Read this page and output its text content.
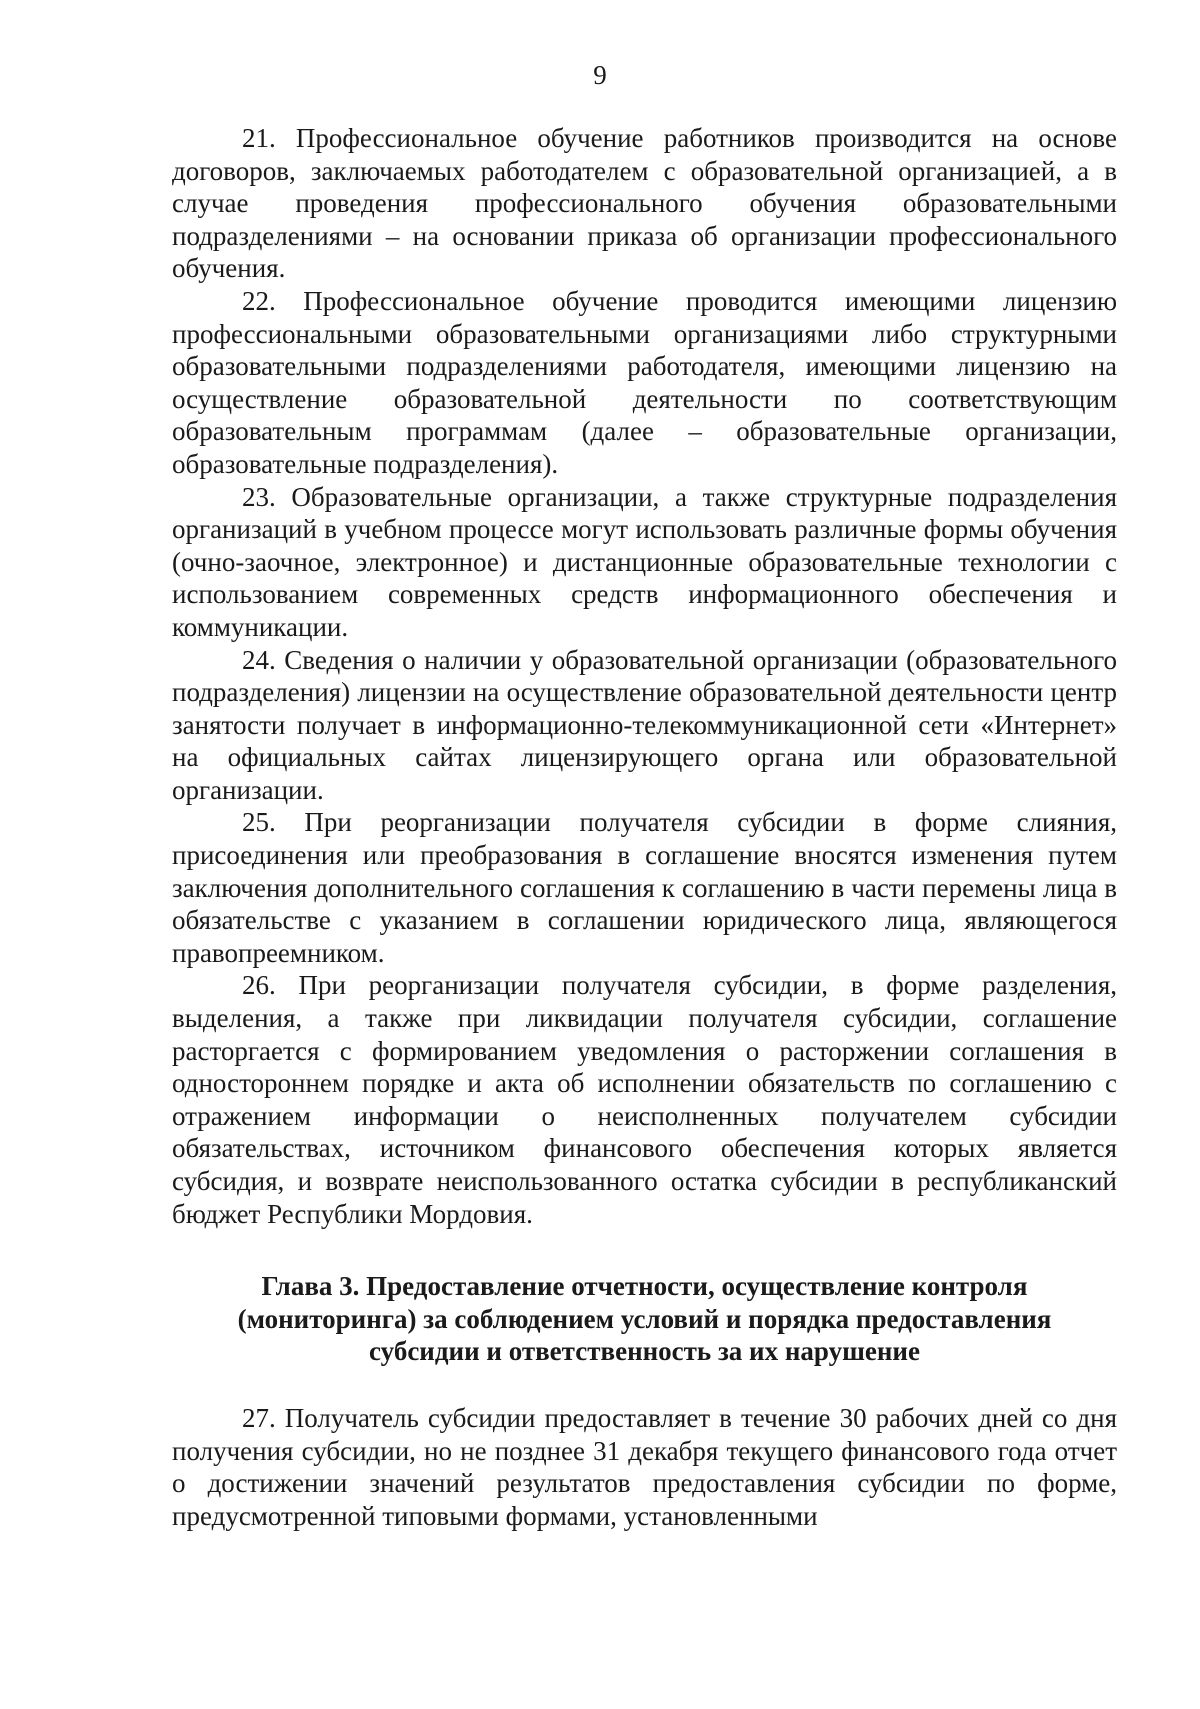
9

21. Профессиональное обучение работников производится на основе договоров, заключаемых работодателем с образовательной организацией, а в случае проведения профессионального обучения образовательными подразделениями – на основании приказа об организации профессионального обучения.

22. Профессиональное обучение проводится имеющими лицензию профессиональными образовательными организациями либо структурными образовательными подразделениями работодателя, имеющими лицензию на осуществление образовательной деятельности по соответствующим образовательным программам (далее – образовательные организации, образовательные подразделения).

23. Образовательные организации, а также структурные подразделения организаций в учебном процессе могут использовать различные формы обучения (очно-заочное, электронное) и дистанционные образовательные технологии с использованием современных средств информационного обеспечения и коммуникации.

24. Сведения о наличии у образовательной организации (образовательного подразделения) лицензии на осуществление образовательной деятельности центр занятости получает в информационно-телекоммуникационной сети «Интернет» на официальных сайтах лицензирующего органа или образовательной организации.

25. При реорганизации получателя субсидии в форме слияния, присоединения или преобразования в соглашение вносятся изменения путем заключения дополнительного соглашения к соглашению в части перемены лица в обязательстве с указанием в соглашении юридического лица, являющегося правопреемником.

26. При реорганизации получателя субсидии, в форме разделения, выделения, а также при ликвидации получателя субсидии, соглашение расторгается с формированием уведомления о расторжении соглашения в одностороннем порядке и акта об исполнении обязательств по соглашению с отражением информации о неисполненных получателем субсидии обязательствах, источником финансового обеспечения которых является субсидия, и возврате неиспользованного остатка субсидии в республиканский бюджет Республики Мордовия.

Глава 3. Предоставление отчетности, осуществление контроля
(мониторинга) за соблюдением условий и порядка предоставления
субсидии и ответственность за их нарушение

27. Получатель субсидии предоставляет в течение 30 рабочих дней со дня получения субсидии, но не позднее 31 декабря текущего финансового года отчет о достижении значений результатов предоставления субсидии по форме, предусмотренной типовыми формами, установленными
